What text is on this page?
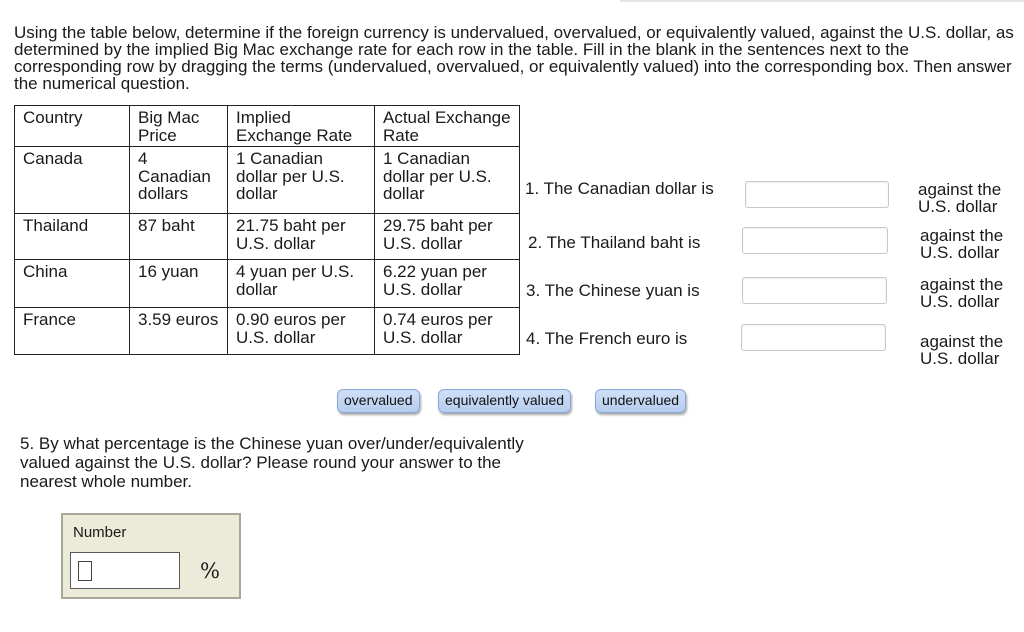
Using the table below, determine if the foreign currency is undervalued, overvalued, or equivalently valued, against the U.S. dollar, as determined by the implied Big Mac exchange rate for each row in the table. Fill in the blank in the sentences next to the corresponding row by dragging the terms (undervalued, overvalued, or equivalently valued) into the corresponding box. Then answer the numerical question.

Country	Big Mac Price	Implied Exchange Rate	Actual Exchange Rate
Canada	4 Canadian dollars	1 Canadian dollar per U.S. dollar	1 Canadian dollar per U.S. dollar
Thailand	87 baht	21.75 baht per U.S. dollar	29.75 baht per U.S. dollar
China	16 yuan	4 yuan per U.S. dollar	6.22 yuan per U.S. dollar
France	3.59 euros	0.90 euros per U.S. dollar	0.74 euros per U.S. dollar
1. The Canadian dollar is	against the U.S. dollar
2. The Thailand baht is	against the U.S. dollar
3. The Chinese yuan is	against the U.S. dollar
4. The French euro is	against the U.S. dollar
overvalued	equivalently valued	undervalued

5. By what percentage is the Chinese yuan over/under/equivalently valued against the U.S. dollar? Please round your answer to the nearest whole number.

Number
%
